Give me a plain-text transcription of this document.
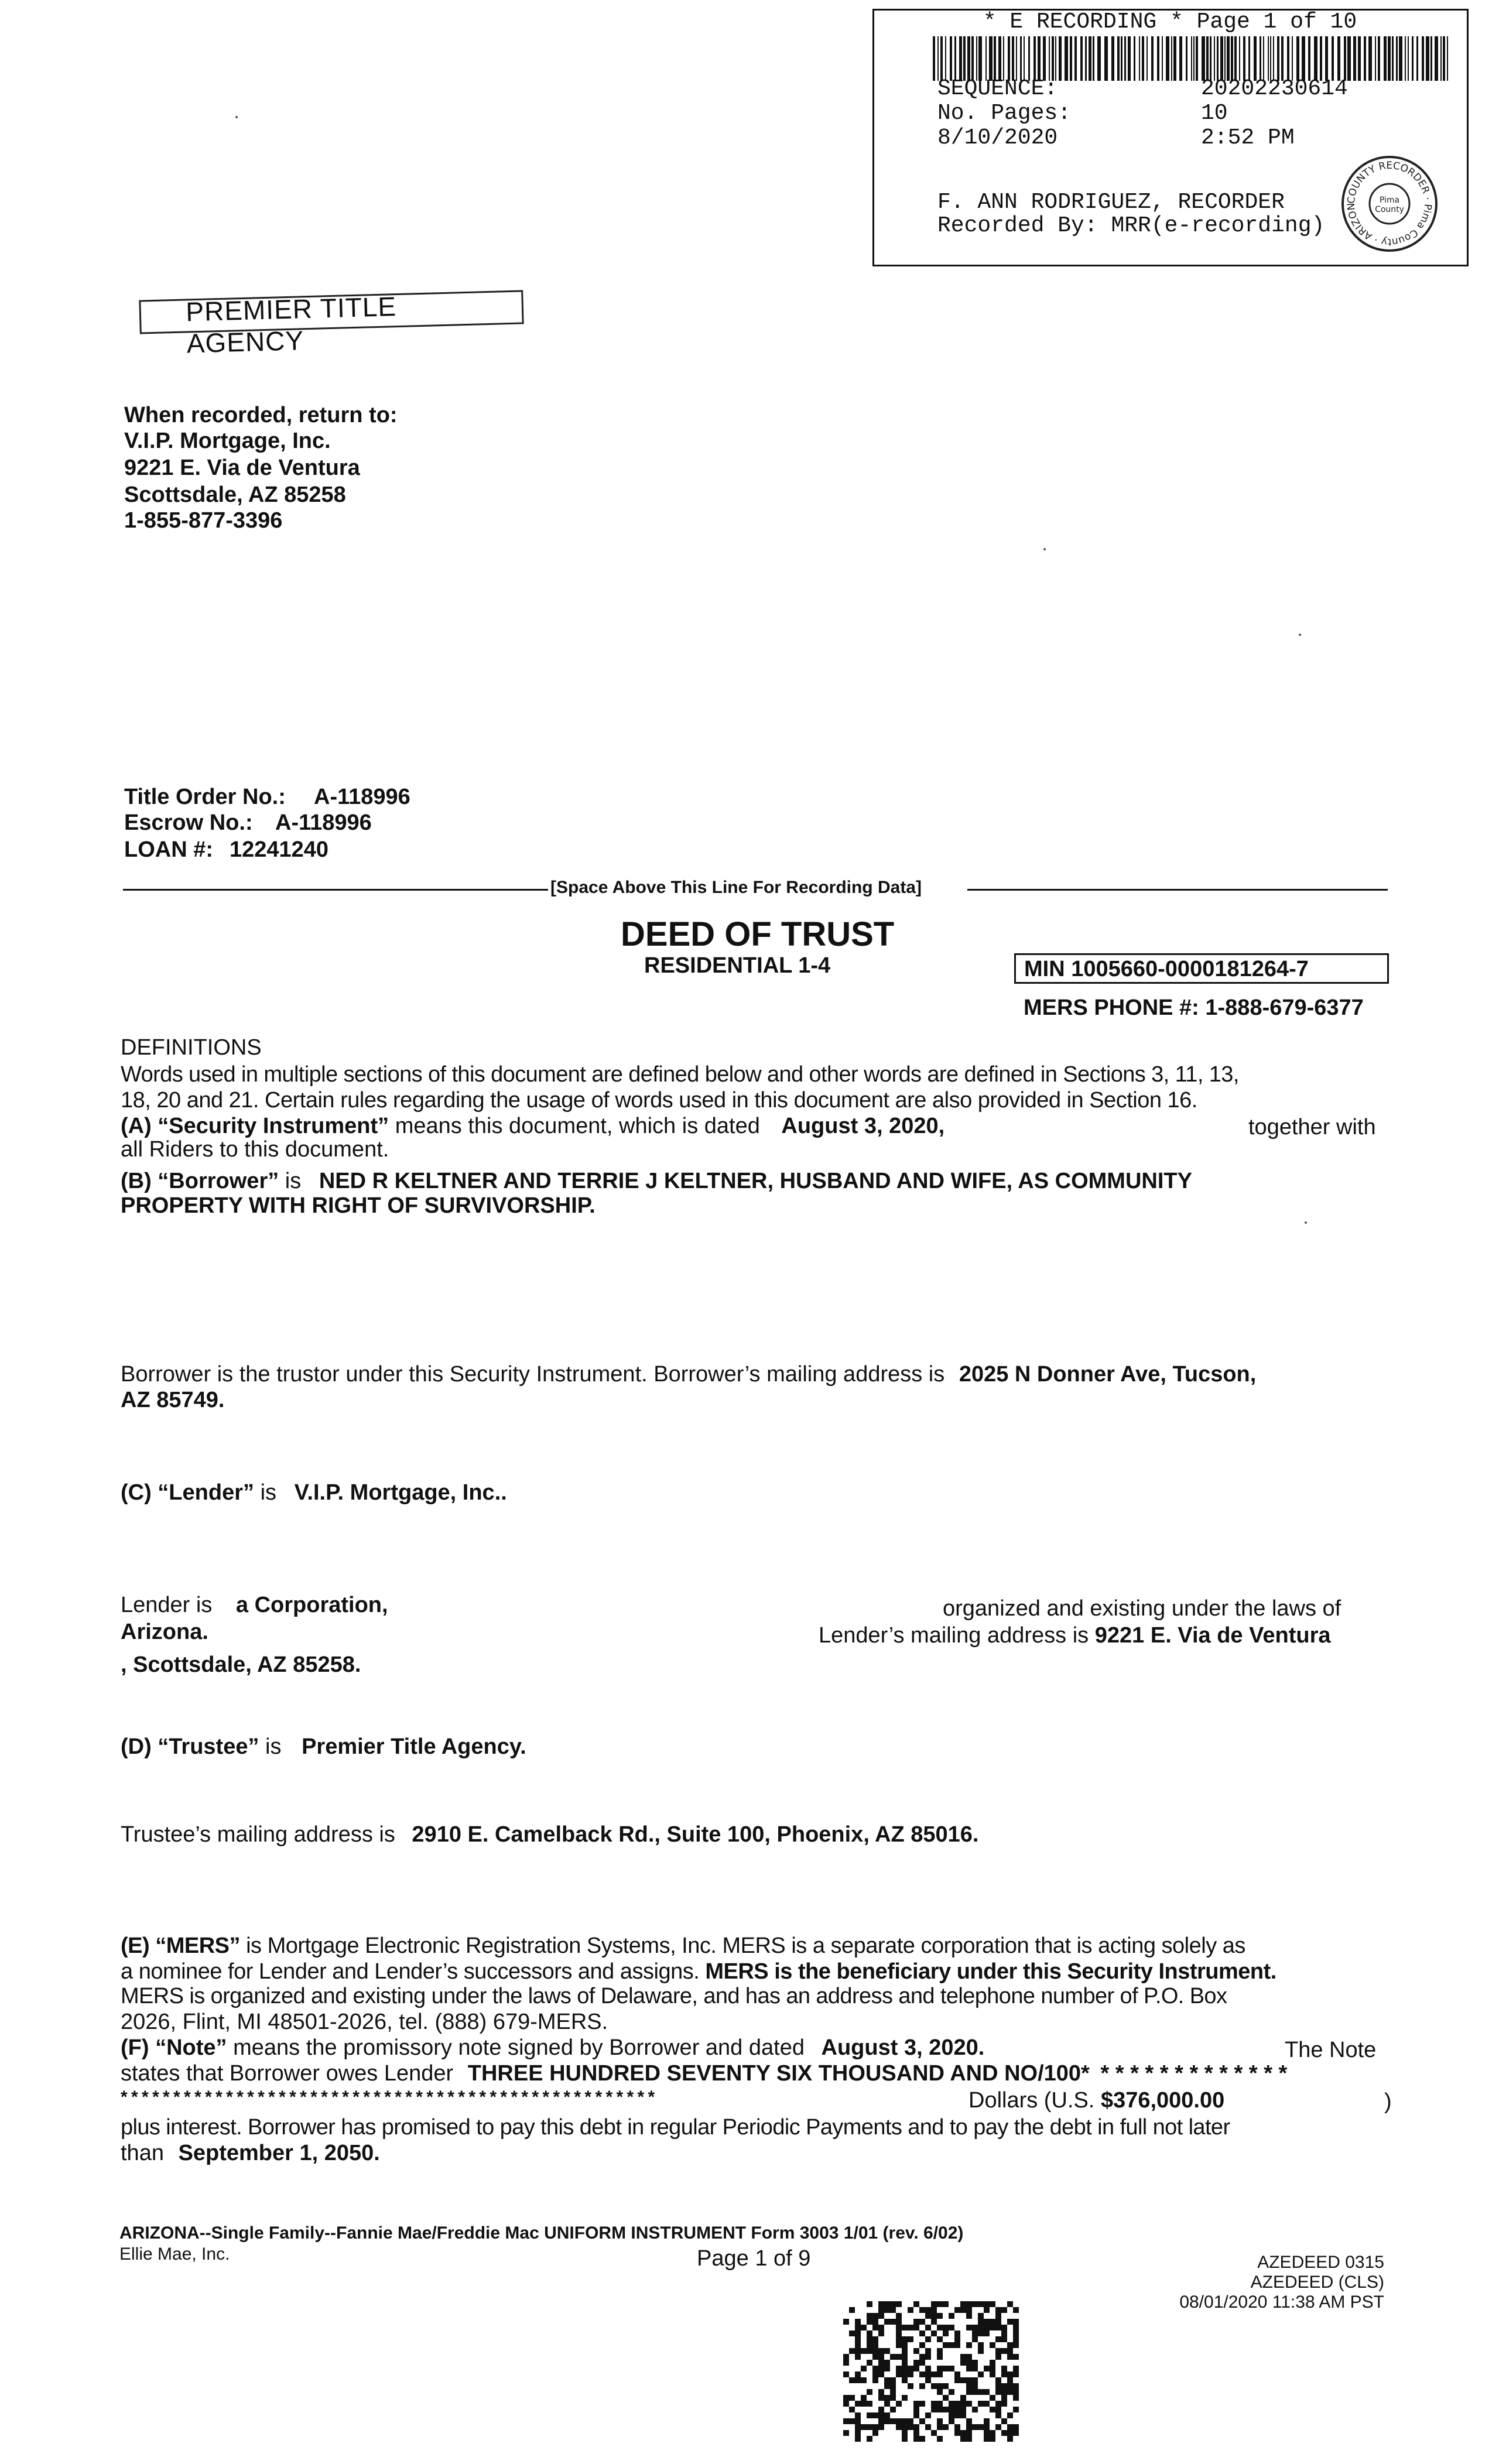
* E RECORDING * Page 1 of 10
SEQUENCE:	20202230614
No. Pages:	10
8/10/2020	2:52 PM
F. ANN RODRIGUEZ, RECORDER
Recorded By: MRR(e-recording)
COUNTY RECORDER · Pima County · ARIZON
Pima
County
PREMIER TITLE AGENCY
When recorded, return to:
V.I.P. Mortgage, Inc.
9221 E. Via de Ventura
Scottsdale, AZ 85258
1-855-877-3396
Title Order No.: A-118996
Escrow No.: A-118996
LOAN #: 12241240
[Space Above This Line For Recording Data]
DEED OF TRUST
RESIDENTIAL 1-4	MIN 1005660-0000181264-7
MERS PHONE #: 1-888-679-6377
DEFINITIONS
Words used in multiple sections of this document are defined below and other words are defined in Sections 3, 11, 13,
18, 20 and 21. Certain rules regarding the usage of words used in this document are also provided in Section 16.
(A) “Security Instrument” means this document, which is dated August 3, 2020,	together with
all Riders to this document.
(B) “Borrower” is NED R KELTNER AND TERRIE J KELTNER, HUSBAND AND WIFE, AS COMMUNITY
PROPERTY WITH RIGHT OF SURVIVORSHIP.
Borrower is the trustor under this Security Instrument. Borrower’s mailing address is 2025 N Donner Ave, Tucson,
AZ 85749.
(C) “Lender” is V.I.P. Mortgage, Inc..
Lender is a Corporation,	organized and existing under the laws of
Arizona.	Lender’s mailing address is 9221 E. Via de Ventura
, Scottsdale, AZ 85258.
(D) “Trustee” is Premier Title Agency.
Trustee’s mailing address is 2910 E. Camelback Rd., Suite 100, Phoenix, AZ 85016.
(E) “MERS” is Mortgage Electronic Registration Systems, Inc. MERS is a separate corporation that is acting solely as
a nominee for Lender and Lender’s successors and assigns. MERS is the beneficiary under this Security Instrument.
MERS is organized and existing under the laws of Delaware, and has an address and telephone number of P.O. Box
2026, Flint, MI 48501-2026, tel. (888) 679-MERS.
(F) “Note” means the promissory note signed by Borrower and dated August 3, 2020.	The Note
states that Borrower owes Lender THREE HUNDRED SEVENTY SIX THOUSAND AND NO/100* * * * * * * * * * * * * *
* * * * * * * * * * * * * * * * * * * * * * * * * * * * * * * * * * * * * * * * * * * * * * * * * * *	Dollars (U.S. $376,000.00	)
plus interest. Borrower has promised to pay this debt in regular Periodic Payments and to pay the debt in full not later
than September 1, 2050.
ARIZONA--Single Family--Fannie Mae/Freddie Mac UNIFORM INSTRUMENT Form 3003 1/01 (rev. 6/02)
Ellie Mae, Inc.	Page 1 of 9	AZEDEED 0315
AZEDEED (CLS)
08/01/2020 11:38 AM PST
